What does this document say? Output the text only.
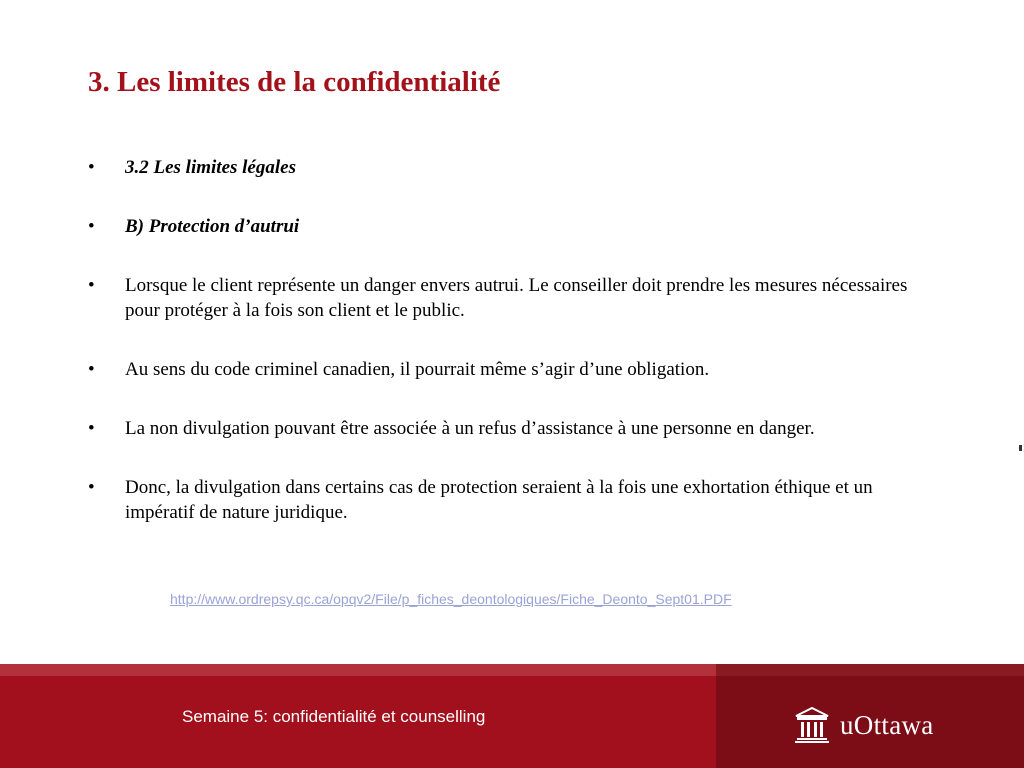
3. Les limites de la confidentialité
• 3.2 Les limites légales
• B) Protection d’autrui
• Lorsque le client représente un danger envers autrui. Le conseiller doit prendre les mesures nécessaires pour protéger à la fois son client et le public.
• Au sens du code criminel canadien, il pourrait même s’agir d’une obligation.
• La non divulgation pouvant être associée à un refus d’assistance à une personne en danger.
• Donc, la divulgation dans certains cas de protection seraient à la fois une exhortation éthique et un impératif de nature juridique.
http://www.ordrepsy.qc.ca/opqv2/File/p_fiches_deontologiques/Fiche_Deonto_Sept01.PDF
Semaine 5: confidentialité et counselling	uOttawa
